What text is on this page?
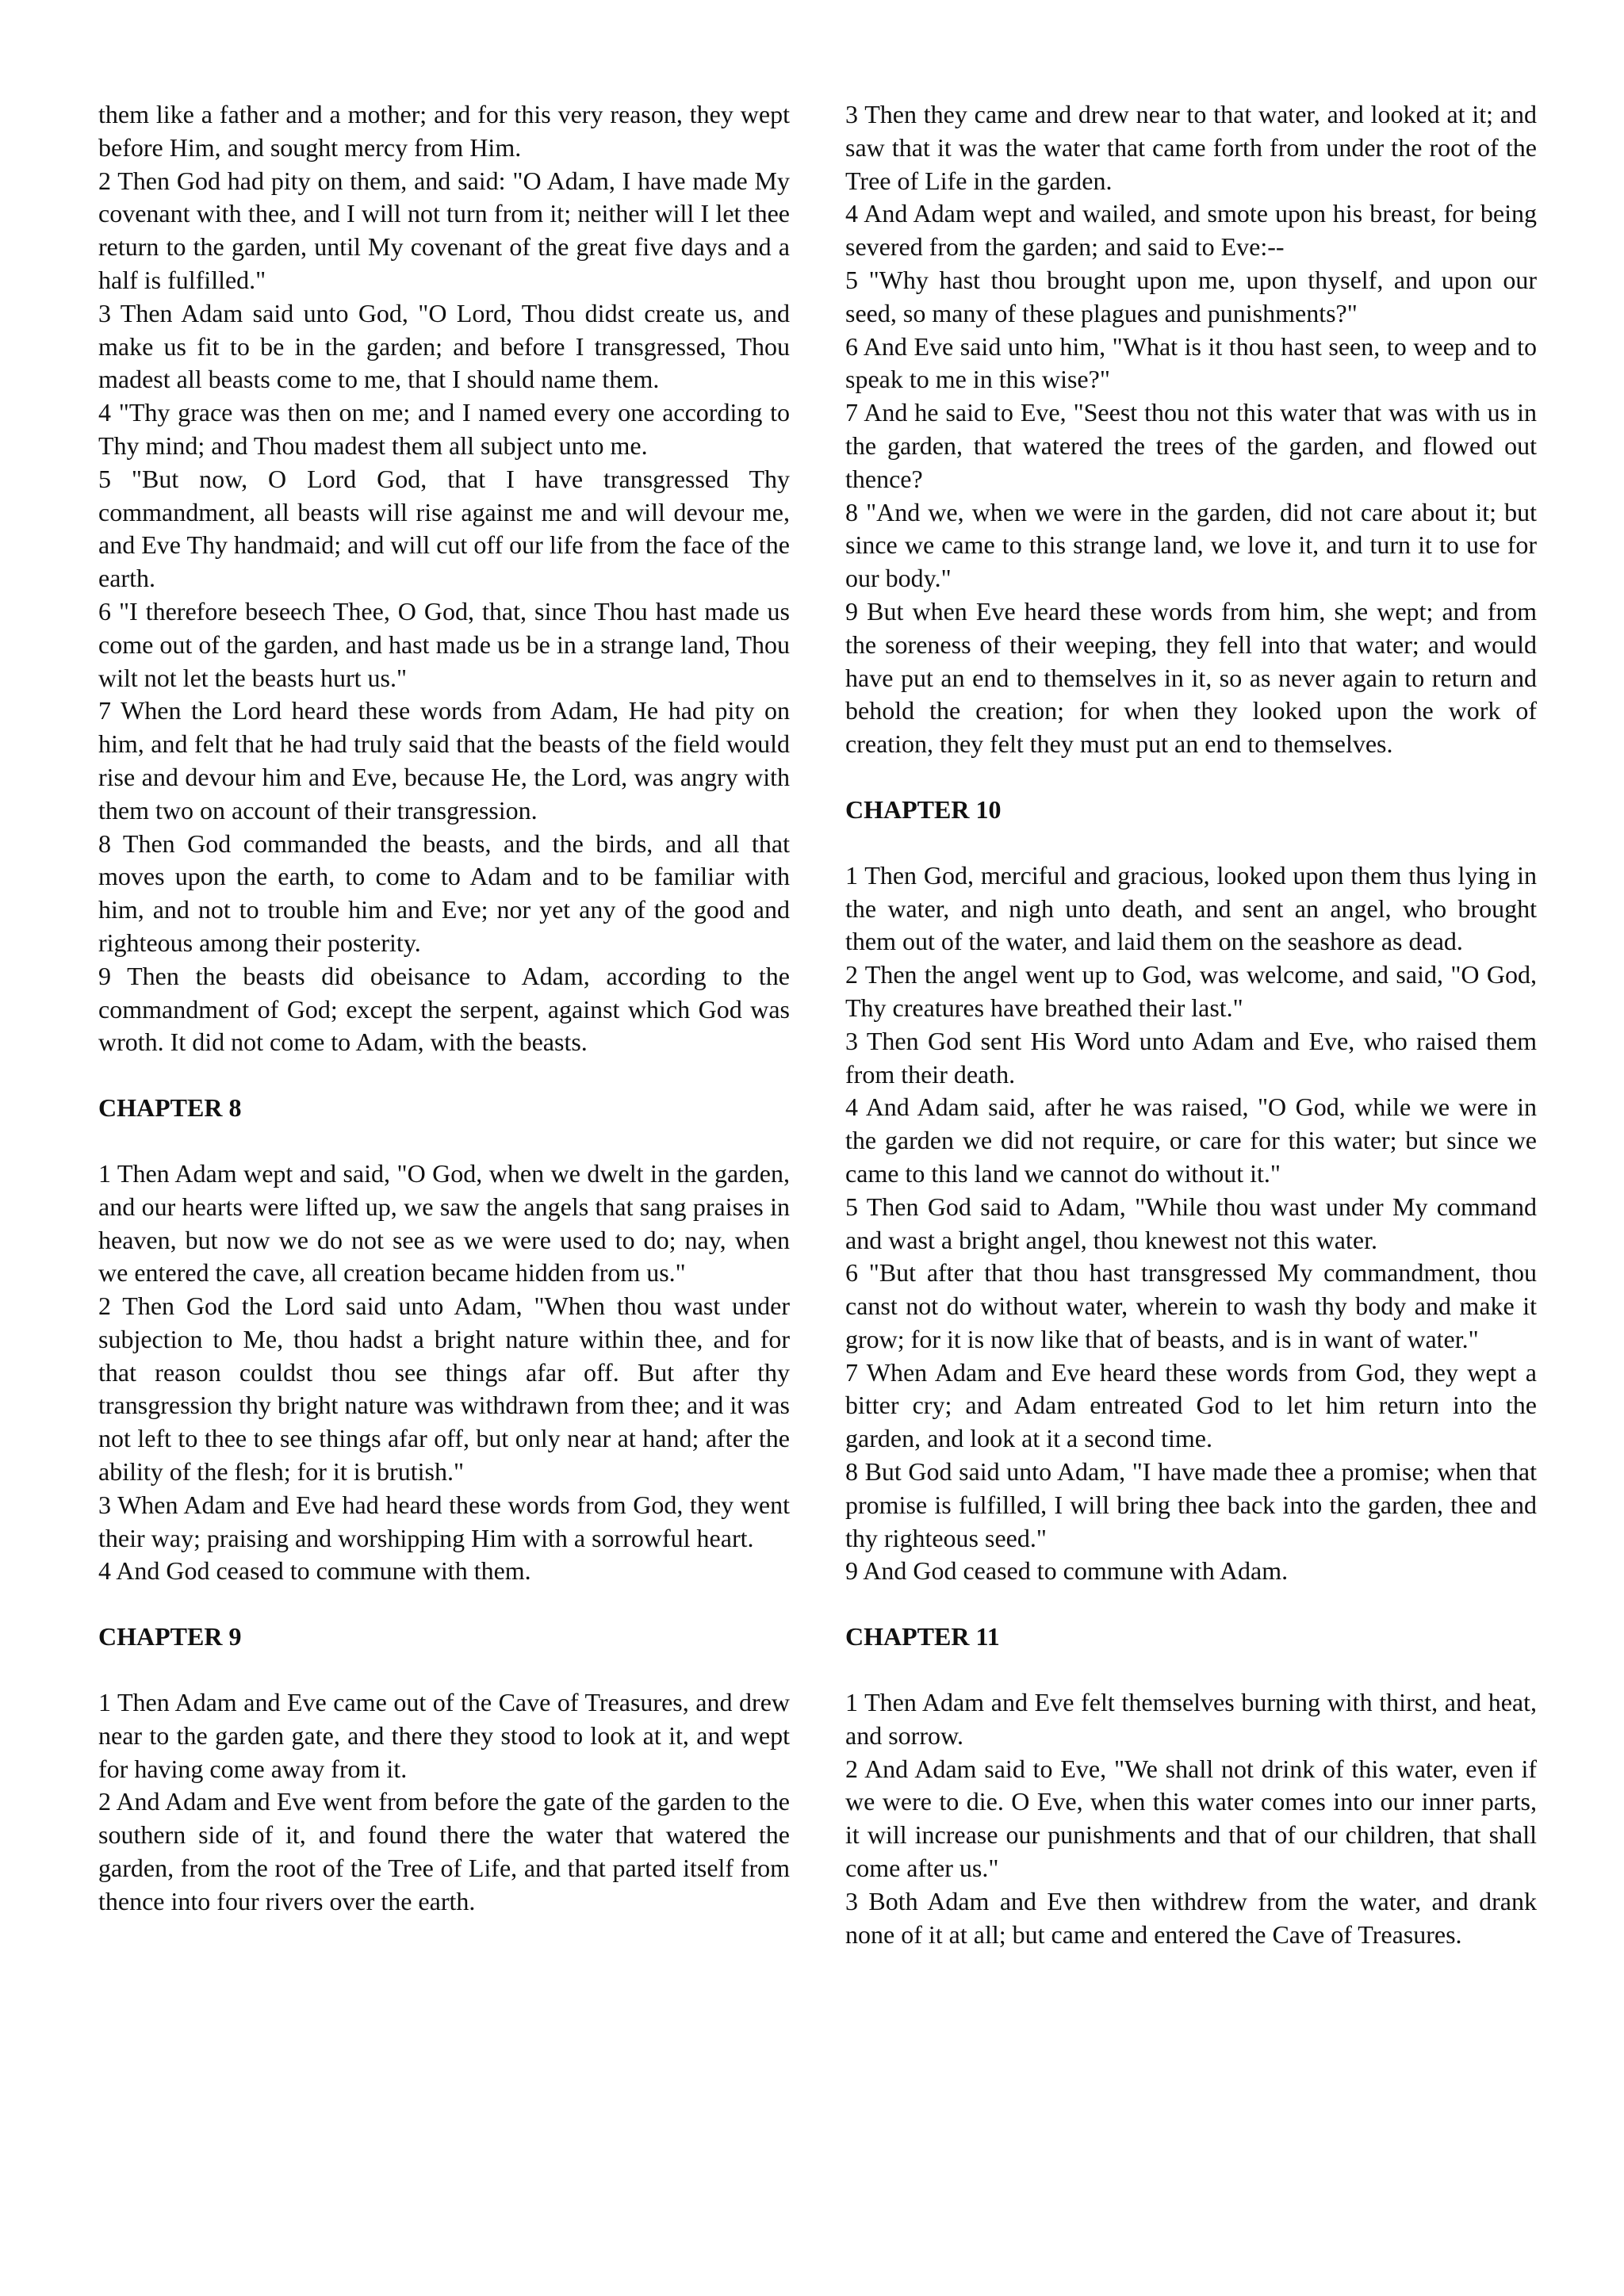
them like a father and a mother; and for this very reason, they wept before Him, and sought mercy from Him.
2 Then God had pity on them, and said: "O Adam, I have made My covenant with thee, and I will not turn from it; neither will I let thee return to the garden, until My covenant of the great five days and a half is fulfilled."
3 Then Adam said unto God, "O Lord, Thou didst create us, and make us fit to be in the garden; and before I transgressed, Thou madest all beasts come to me, that I should name them.
4 "Thy grace was then on me; and I named every one according to Thy mind; and Thou madest them all subject unto me.
5 "But now, O Lord God, that I have transgressed Thy commandment, all beasts will rise against me and will devour me, and Eve Thy handmaid; and will cut off our life from the face of the earth.
6 "I therefore beseech Thee, O God, that, since Thou hast made us come out of the garden, and hast made us be in a strange land, Thou wilt not let the beasts hurt us."
7 When the Lord heard these words from Adam, He had pity on him, and felt that he had truly said that the beasts of the field would rise and devour him and Eve, because He, the Lord, was angry with them two on account of their transgression.
8 Then God commanded the beasts, and the birds, and all that moves upon the earth, to come to Adam and to be familiar with him, and not to trouble him and Eve; nor yet any of the good and righteous among their posterity.
9 Then the beasts did obeisance to Adam, according to the commandment of God; except the serpent, against which God was wroth. It did not come to Adam, with the beasts.
CHAPTER 8
1 Then Adam wept and said, "O God, when we dwelt in the garden, and our hearts were lifted up, we saw the angels that sang praises in heaven, but now we do not see as we were used to do; nay, when we entered the cave, all creation became hidden from us."
2 Then God the Lord said unto Adam, "When thou wast under subjection to Me, thou hadst a bright nature within thee, and for that reason couldst thou see things afar off. But after thy transgression thy bright nature was withdrawn from thee; and it was not left to thee to see things afar off, but only near at hand; after the ability of the flesh; for it is brutish."
3 When Adam and Eve had heard these words from God, they went their way; praising and worshipping Him with a sorrowful heart.
4 And God ceased to commune with them.
CHAPTER 9
1 Then Adam and Eve came out of the Cave of Treasures, and drew near to the garden gate, and there they stood to look at it, and wept for having come away from it.
2 And Adam and Eve went from before the gate of the garden to the southern side of it, and found there the water that watered the garden, from the root of the Tree of Life, and that parted itself from thence into four rivers over the earth.
3 Then they came and drew near to that water, and looked at it; and saw that it was the water that came forth from under the root of the Tree of Life in the garden.
4 And Adam wept and wailed, and smote upon his breast, for being severed from the garden; and said to Eve:--
5 "Why hast thou brought upon me, upon thyself, and upon our seed, so many of these plagues and punishments?"
6 And Eve said unto him, "What is it thou hast seen, to weep and to speak to me in this wise?"
7 And he said to Eve, "Seest thou not this water that was with us in the garden, that watered the trees of the garden, and flowed out thence?
8 "And we, when we were in the garden, did not care about it; but since we came to this strange land, we love it, and turn it to use for our body."
9 But when Eve heard these words from him, she wept; and from the soreness of their weeping, they fell into that water; and would have put an end to themselves in it, so as never again to return and behold the creation; for when they looked upon the work of creation, they felt they must put an end to themselves.
CHAPTER 10
1 Then God, merciful and gracious, looked upon them thus lying in the water, and nigh unto death, and sent an angel, who brought them out of the water, and laid them on the seashore as dead.
2 Then the angel went up to God, was welcome, and said, "O God, Thy creatures have breathed their last."
3 Then God sent His Word unto Adam and Eve, who raised them from their death.
4 And Adam said, after he was raised, "O God, while we were in the garden we did not require, or care for this water; but since we came to this land we cannot do without it."
5 Then God said to Adam, "While thou wast under My command and wast a bright angel, thou knewest not this water.
6 "But after that thou hast transgressed My commandment, thou canst not do without water, wherein to wash thy body and make it grow; for it is now like that of beasts, and is in want of water."
7 When Adam and Eve heard these words from God, they wept a bitter cry; and Adam entreated God to let him return into the garden, and look at it a second time.
8 But God said unto Adam, "I have made thee a promise; when that promise is fulfilled, I will bring thee back into the garden, thee and thy righteous seed."
9 And God ceased to commune with Adam.
CHAPTER 11
1 Then Adam and Eve felt themselves burning with thirst, and heat, and sorrow.
2 And Adam said to Eve, "We shall not drink of this water, even if we were to die. O Eve, when this water comes into our inner parts, it will increase our punishments and that of our children, that shall come after us."
3 Both Adam and Eve then withdrew from the water, and drank none of it at all; but came and entered the Cave of Treasures.
